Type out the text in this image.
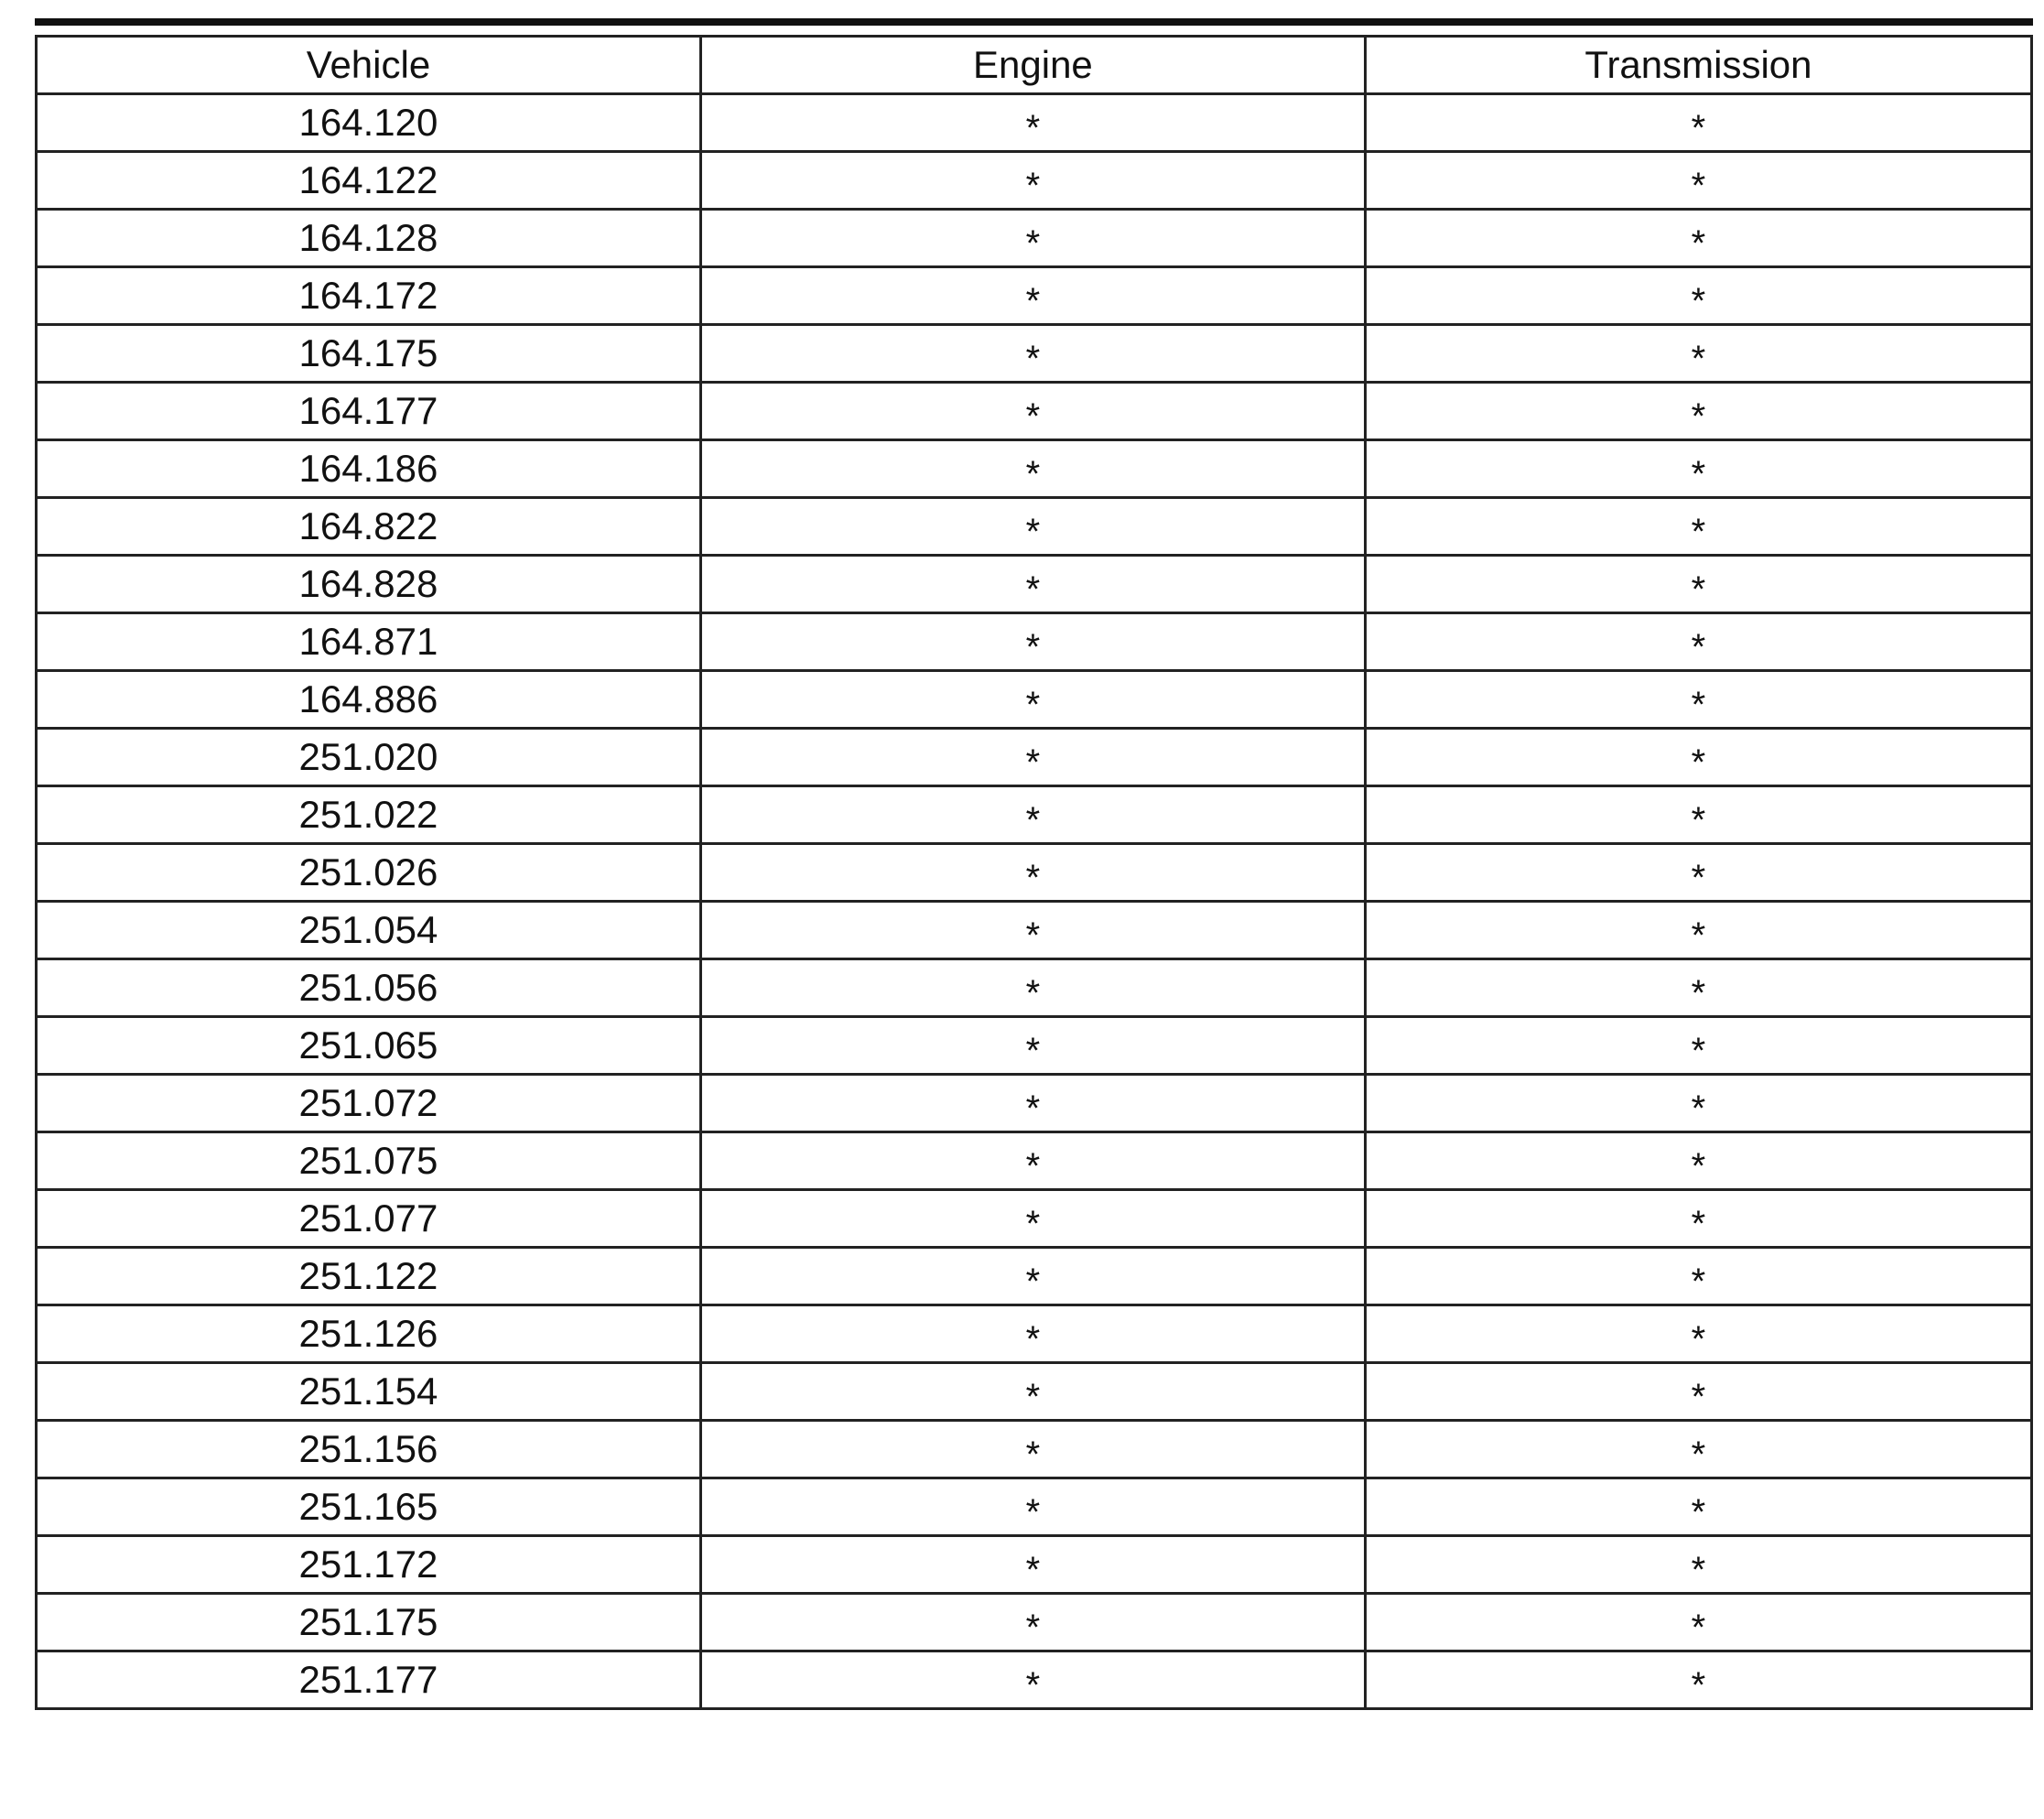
Vehicle	Engine	Transmission
164.120	*	*
164.122	*	*
164.128	*	*
164.172	*	*
164.175	*	*
164.177	*	*
164.186	*	*
164.822	*	*
164.828	*	*
164.871	*	*
164.886	*	*
251.020	*	*
251.022	*	*
251.026	*	*
251.054	*	*
251.056	*	*
251.065	*	*
251.072	*	*
251.075	*	*
251.077	*	*
251.122	*	*
251.126	*	*
251.154	*	*
251.156	*	*
251.165	*	*
251.172	*	*
251.175	*	*
251.177	*	*
